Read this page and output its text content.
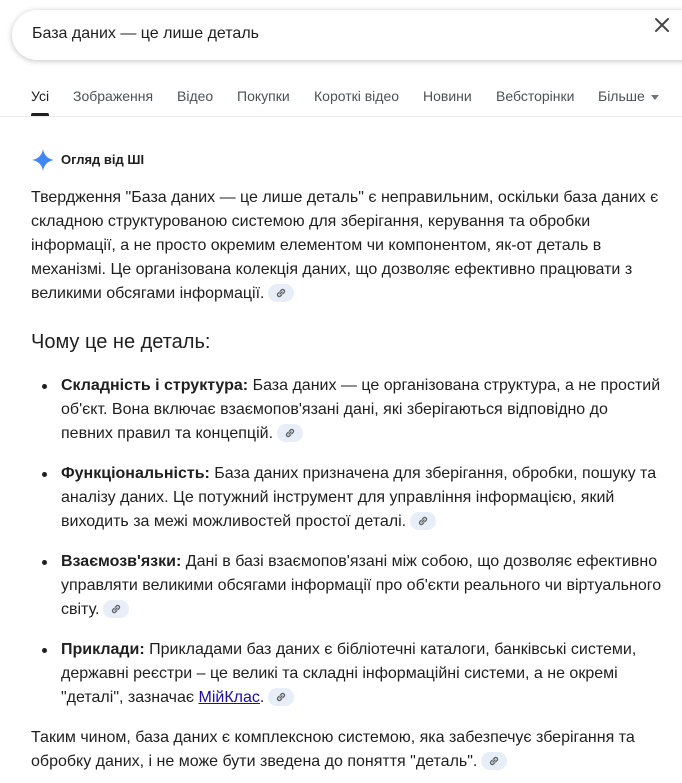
База даних — це лише деталь
Усі Зображення Відео Покупки Короткі відео Новини Вебсторінки Більше
Огляд від ШІ

Твердження "База даних — це лише деталь" є неправильним, оскільки база даних є складною структурованою системою для зберігання, керування та обробки інформації, а не просто окремим елементом чи компонентом, як-от деталь в механізмі. Це організована колекція даних, що дозволяє ефективно працювати з великими обсягами інформації.

Чому це не деталь:
Складність і структура: База даних — це організована структура, а не простий об'єкт. Вона включає взаємопов'язані дані, які зберігаються відповідно до певних правил та концепцій.
Функціональність: База даних призначена для зберігання, обробки, пошуку та аналізу даних. Це потужний інструмент для управління інформацією, який виходить за межі можливостей простої деталі.
Взаємозв'язки: Дані в базі взаємопов'язані між собою, що дозволяє ефективно управляти великими обсягами інформації про об'єкти реального чи віртуального світу.
Приклади: Прикладами баз даних є бібліотечні каталоги, банківські системи, державні реєстри – це великі та складні інформаційні системи, а не окремі "деталі", зазначає МійКлас.

Таким чином, база даних є комплексною системою, яка забезпечує зберігання та обробку даних, і не може бути зведена до поняття "деталь".
